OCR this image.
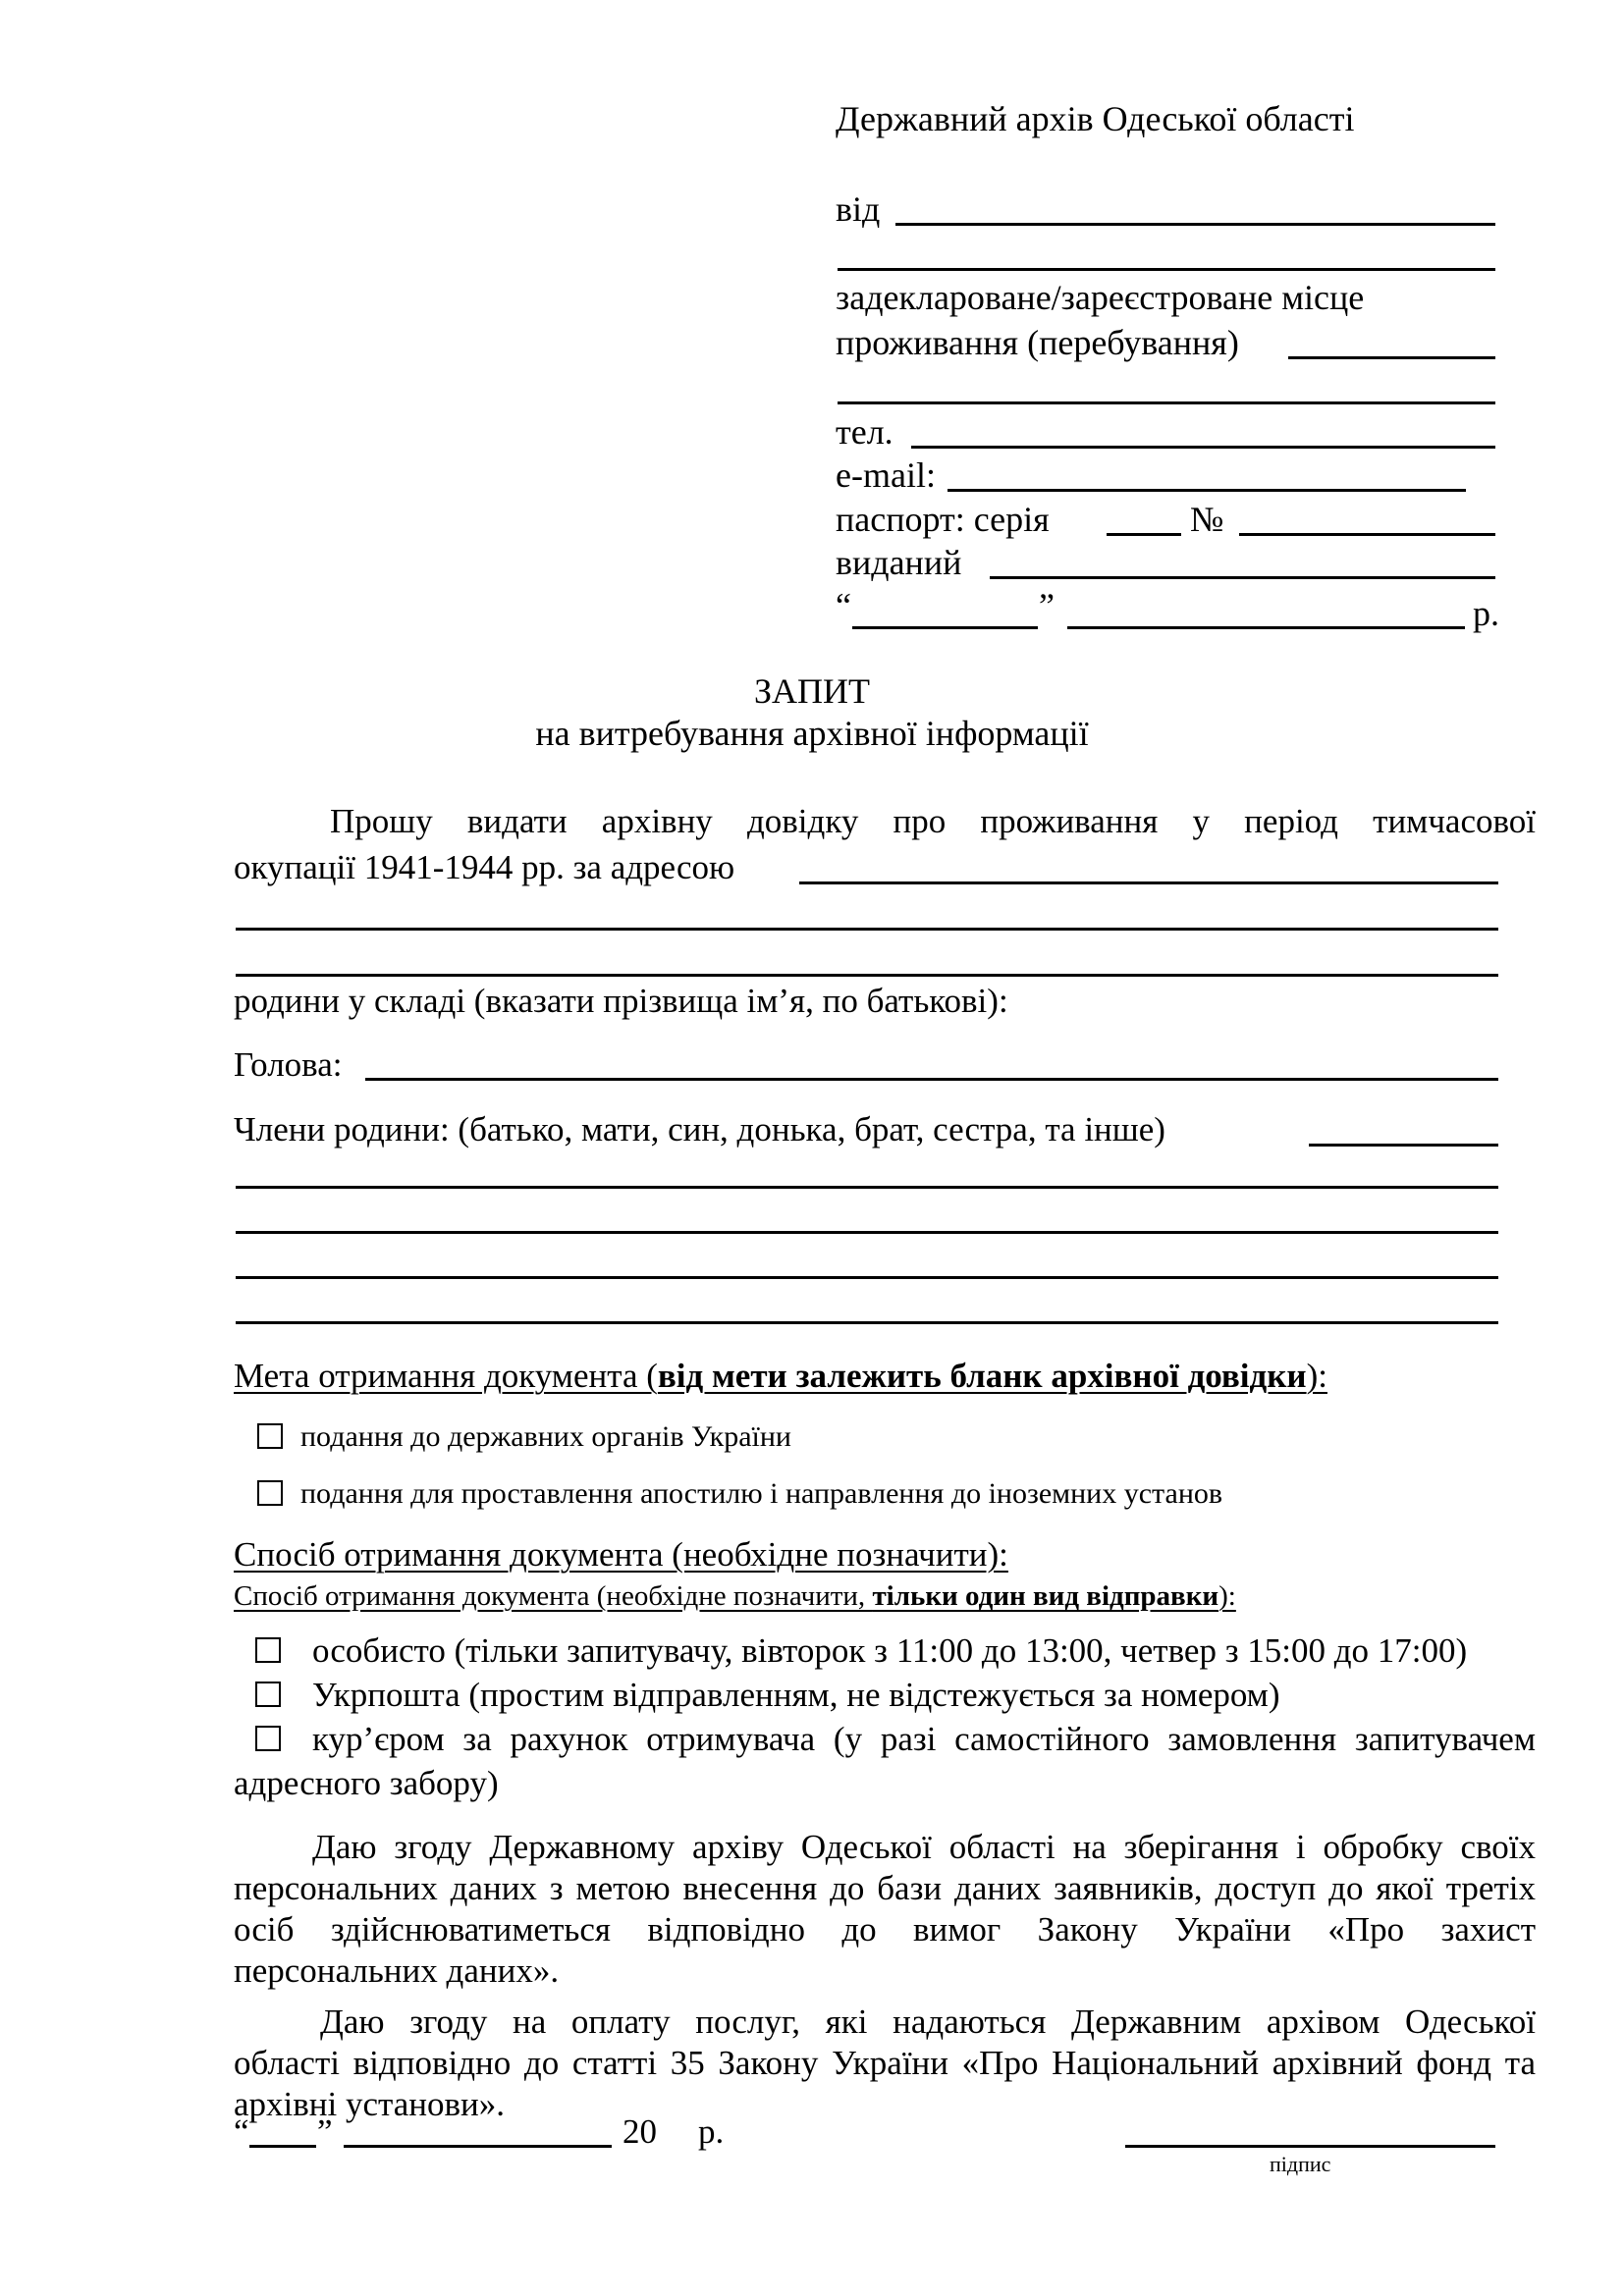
Державний архів Одеської області
від
задекларованe/зареєстроване місце
проживання (перебування)
тел.
e-mail:
паспорт: серія	№
виданий
“	”	р.
ЗАПИТ
на витребування архівної інформації
Прошу видати архівну довідку про проживання у період тимчасової
окупації 1941-1944 рр. за адресою
родини у складі (вказати прізвища ім’я, по батькові):
Голова:
Члени родини: (батько, мати, син, донька, брат, сестра, та інше)
Мета отримання документа (від мети залежить бланк архівної довідки):
подання до державних органів України
подання для проставлення апостилю і направлення до іноземних установ
Спосіб отримання документа (необхідне позначити):
Спосіб отримання документа (необхідне позначити, тільки один вид відправки):
особисто (тільки запитувачу, вівторок з 11:00 до 13:00, четвер з 15:00 до 17:00)
Укрпошта (простим відправленням, не відстежується за номером)
кур’єром за рахунок отримувача (у разі самостійного замовлення запитувачем
адресного забору)
Даю згоду Державному архіву Одеської області на зберігання і обробку своїх
персональних даних з метою внесення до бази даних заявників, доступ до якої третіх
осіб здійснюватиметься відповідно до вимог Закону України «Про захист
персональних даних».
Даю згоду на оплату послуг, які надаються Державним архівом Одеської
області відповідно до статті 35 Закону України «Про Національний архівний фонд та
архівні установи».
“ ”	20 р.
підпис
